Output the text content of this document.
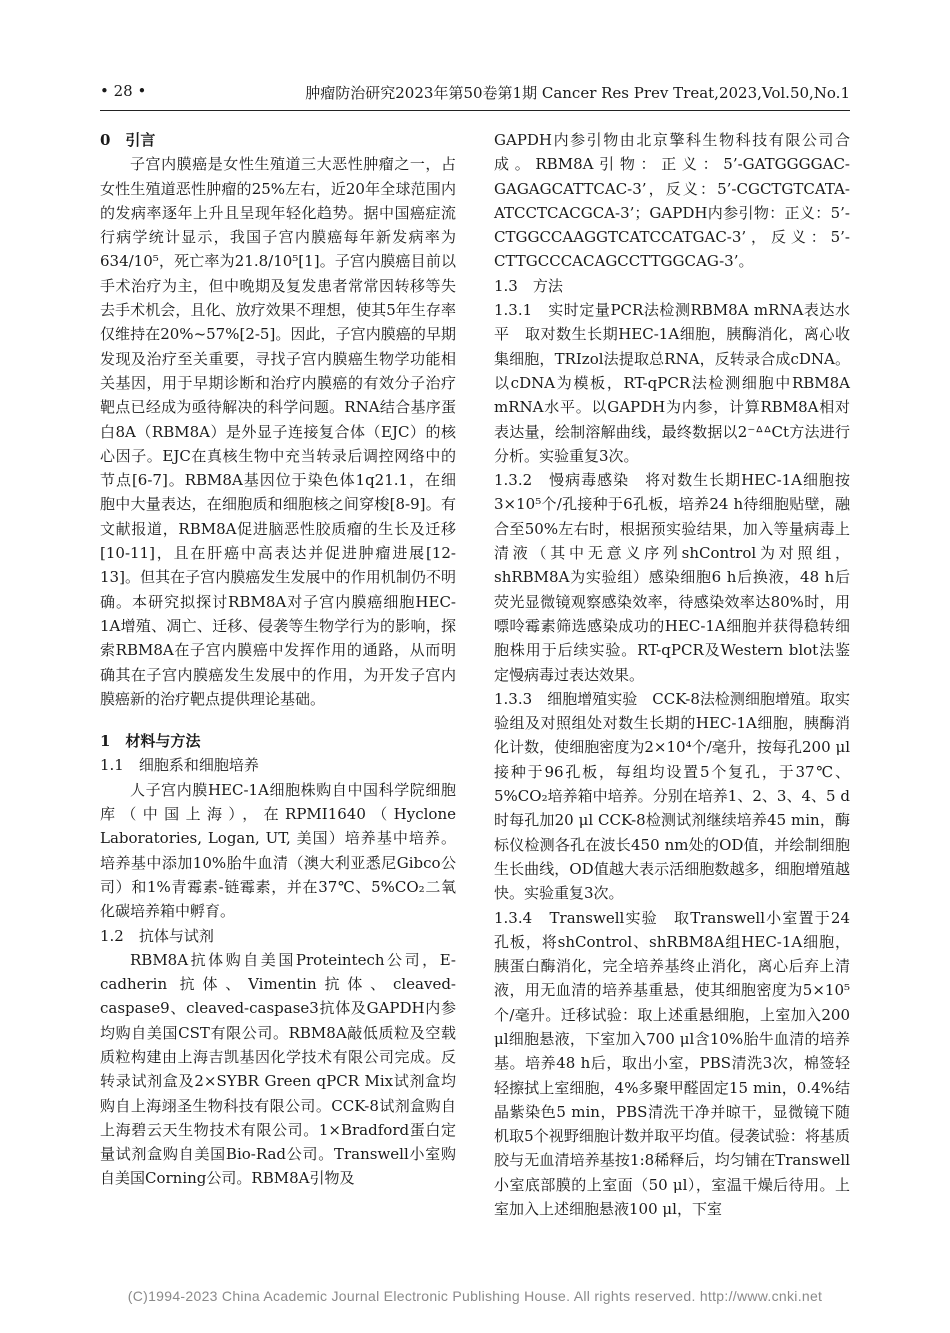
• 28 •	肿瘤防治研究2023年第50卷第1期 Cancer Res Prev Treat,2023,Vol.50,No.1
0　引言

子宫内膜癌是女性生殖道三大恶性肿瘤之一，占女性生殖道恶性肿瘤的25%左右，近20年全球范围内的发病率逐年上升且呈现年轻化趋势。据中国癌症流行病学统计显示，我国子宫内膜癌每年新发病率为634/10⁵，死亡率为21.8/10⁵[1]。子宫内膜癌目前以手术治疗为主，但中晚期及复发患者常常因转移等失去手术机会，且化、放疗效果不理想，使其5年生存率仅维持在20%~57%[2-5]。因此，子宫内膜癌的早期发现及治疗至关重要，寻找子宫内膜癌生物学功能相关基因，用于早期诊断和治疗内膜癌的有效分子治疗靶点已经成为亟待解决的科学问题。RNA结合基序蛋白8A（RBM8A）是外显子连接复合体（EJC）的核心因子。EJC在真核生物中充当转录后调控网络中的节点[6-7]。RBM8A基因位于染色体1q21.1，在细胞中大量表达，在细胞质和细胞核之间穿梭[8-9]。有文献报道，RBM8A促进脑恶性胶质瘤的生长及迁移[10-11]，且在肝癌中高表达并促进肿瘤进展[12-13]。但其在子宫内膜癌发生发展中的作用机制仍不明确。本研究拟探讨RBM8A对子宫内膜癌细胞HEC-1A增殖、凋亡、迁移、侵袭等生物学行为的影响，探索RBM8A在子宫内膜癌中发挥作用的通路，从而明确其在子宫内膜癌发生发展中的作用，为开发子宫内膜癌新的治疗靶点提供理论基础。

1　材料与方法
1.1　细胞系和细胞培养

人子宫内膜HEC-1A细胞株购自中国科学院细胞库（中国上海），在RPMI1640（Hyclone Laboratories, Logan, UT, 美国）培养基中培养。培养基中添加10%胎牛血清（澳大利亚悉尼Gibco公司）和1%青霉素-链霉素，并在37℃、5%CO₂二氧化碳培养箱中孵育。

1.2　抗体与试剂

RBM8A抗体购自美国Proteintech公司，E-cadherin 抗体、Vimentin抗体、cleaved-caspase9、cleaved-caspase3抗体及GAPDH内参均购自美国CST有限公司。RBM8A敲低质粒及空载质粒构建由上海吉凯基因化学技术有限公司完成。反转录试剂盒及2×SYBR Green qPCR Mix试剂盒均购自上海翊圣生物科技有限公司。CCK-8试剂盒购自上海碧云天生物技术有限公司。1×Bradford蛋白定量试剂盒购自美国Bio-Rad公司。Transwell小室购自美国Corning公司。RBM8A引物及

GAPDH内参引物由北京擎科生物科技有限公司合成。RBM8A引物：正义：5’-GATGGGGAC-GAGAGCATTCAC-3’，反义：5’-CGCTGTCATA-ATCCTCACGCA-3’；GAPDH内参引物：正义：5’-CTGGCCAAGGTCATCCATGAC-3’，反义：5’-CTTGCCCACAGCCTTGGCAG-3’。

1.3　方法

1.3.1　实时定量PCR法检测RBM8A mRNA表达水平　取对数生长期HEC-1A细胞，胰酶消化，离心收集细胞，TRIzol法提取总RNA，反转录合成cDNA。以cDNA为模板，RT-qPCR法检测细胞中RBM8A mRNA水平。以GAPDH为内参，计算RBM8A相对表达量，绘制溶解曲线，最终数据以2⁻ᐞᐞCt方法进行分析。实验重复3次。

1.3.2　慢病毒感染　将对数生长期HEC-1A细胞按3×10⁵个/孔接种于6孔板，培养24 h待细胞贴壁，融合至50%左右时，根据预实验结果，加入等量病毒上清液（其中无意义序列shControl为对照组，shRBM8A为实验组）感染细胞6 h后换液，48 h后荧光显微镜观察感染效率，待感染效率达80%时，用嘌呤霉素筛选感染成功的HEC-1A细胞并获得稳转细胞株用于后续实验。RT-qPCR及Western blot法鉴定慢病毒过表达效果。

1.3.3　细胞增殖实验　CCK-8法检测细胞增殖。取实验组及对照组处对数生长期的HEC-1A细胞，胰酶消化计数，使细胞密度为2×10⁴个/毫升，按每孔200 μl接种于96孔板，每组均设置5个复孔，于37℃、5%CO₂培养箱中培养。分别在培养1、2、3、4、5 d时每孔加20 μl CCK-8检测试剂继续培养45 min，酶标仪检测各孔在波长450 nm处的OD值，并绘制细胞生长曲线，OD值越大表示活细胞数越多，细胞增殖越快。实验重复3次。

1.3.4　Transwell实验　取Transwell小室置于24孔板，将shControl、shRBM8A组HEC-1A细胞，胰蛋白酶消化，完全培养基终止消化，离心后弃上清液，用无血清的培养基重悬，使其细胞密度为5×10⁵个/毫升。迁移试验：取上述重悬细胞，上室加入200 μl细胞悬液，下室加入700 μl含10%胎牛血清的培养基。培养48 h后，取出小室，PBS清洗3次，棉签轻轻擦拭上室细胞，4%多聚甲醛固定15 min，0.4%结晶紫染色5 min，PBS清洗干净并晾干，显微镜下随机取5个视野细胞计数并取平均值。侵袭试验：将基质胶与无血清培养基按1:8稀释后，均匀铺在Transwell小室底部膜的上室面（50 μl），室温干燥后待用。上室加入上述细胞悬液100 μl，下室

(C)1994-2023 China Academic Journal Electronic Publishing House. All rights reserved. http://www.cnki.net
